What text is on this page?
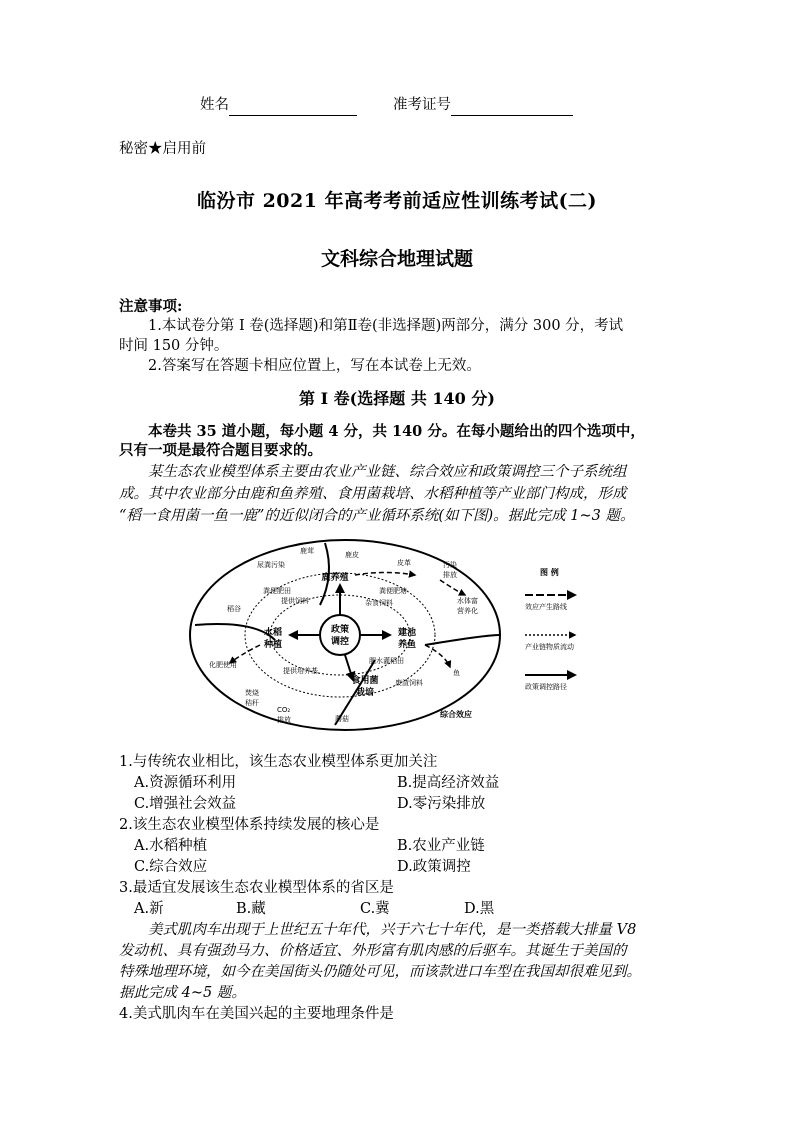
姓名	准考证号
秘密★启用前
临汾市 2021 年高考考前适应性训练考试(二)
文科综合地理试题
注意事项:
1.本试卷分第 I 卷(选择题)和第Ⅱ卷(非选择题)两部分，满分 300 分，考试
时间 150 分钟。
2.答案写在答题卡相应位置上，写在本试卷上无效。
第 I 卷(选择题 共 140 分)
本卷共 35 道小题，每小题 4 分，共 140 分。在每小题给出的四个选项中，
只有一项是最符合题目要求的。
某生态农业模型体系主要由农业产业链、综合效应和政策调控三个子系统组
成。其中农业部分由鹿和鱼养殖、食用菌栽培、水稻种植等产业部门构成，形成
“稻一食用菌一鱼一鹿”的近似闭合的产业循环系统(如下图)。据此完成 1~3 题。
政策
调控
鹿养殖
水稻
种植
建池
养鱼
食用菌
栽培
鹿茸	鹿皮
皮革	污染
排放
尿粪污染
粪便肥田
提供饲料
粪便肥塘
杂食饲料	水体富
营养化
稻谷
化肥使用
焚烧
秸秆
CO₂
排放
提供培养基
肥水灌稻田
废渣饲料
鱼
蘑菇	综合效应
图 例
效应产生路线
产业链物质流动
政策调控路径
1.与传统农业相比，该生态农业模型体系更加关注
A.资源循环利用	B.提高经济效益
C.增强社会效益	D.零污染排放
2.该生态农业模型体系持续发展的核心是
A.水稻种植	B.农业产业链
C.综合效应	D.政策调控
3.最适宜发展该生态农业模型体系的省区是
A.新	B.藏	C.冀	D.黑
美式肌肉车出现于上世纪五十年代，兴于六七十年代，是一类搭载大排量 V8
发动机、具有强劲马力、价格适宜、外形富有肌肉感的后驱车。其诞生于美国的
特殊地理环境，如今在美国街头仍随处可见，而该款进口车型在我国却很难见到。
据此完成 4~5 题。
4.美式肌肉车在美国兴起的主要地理条件是
